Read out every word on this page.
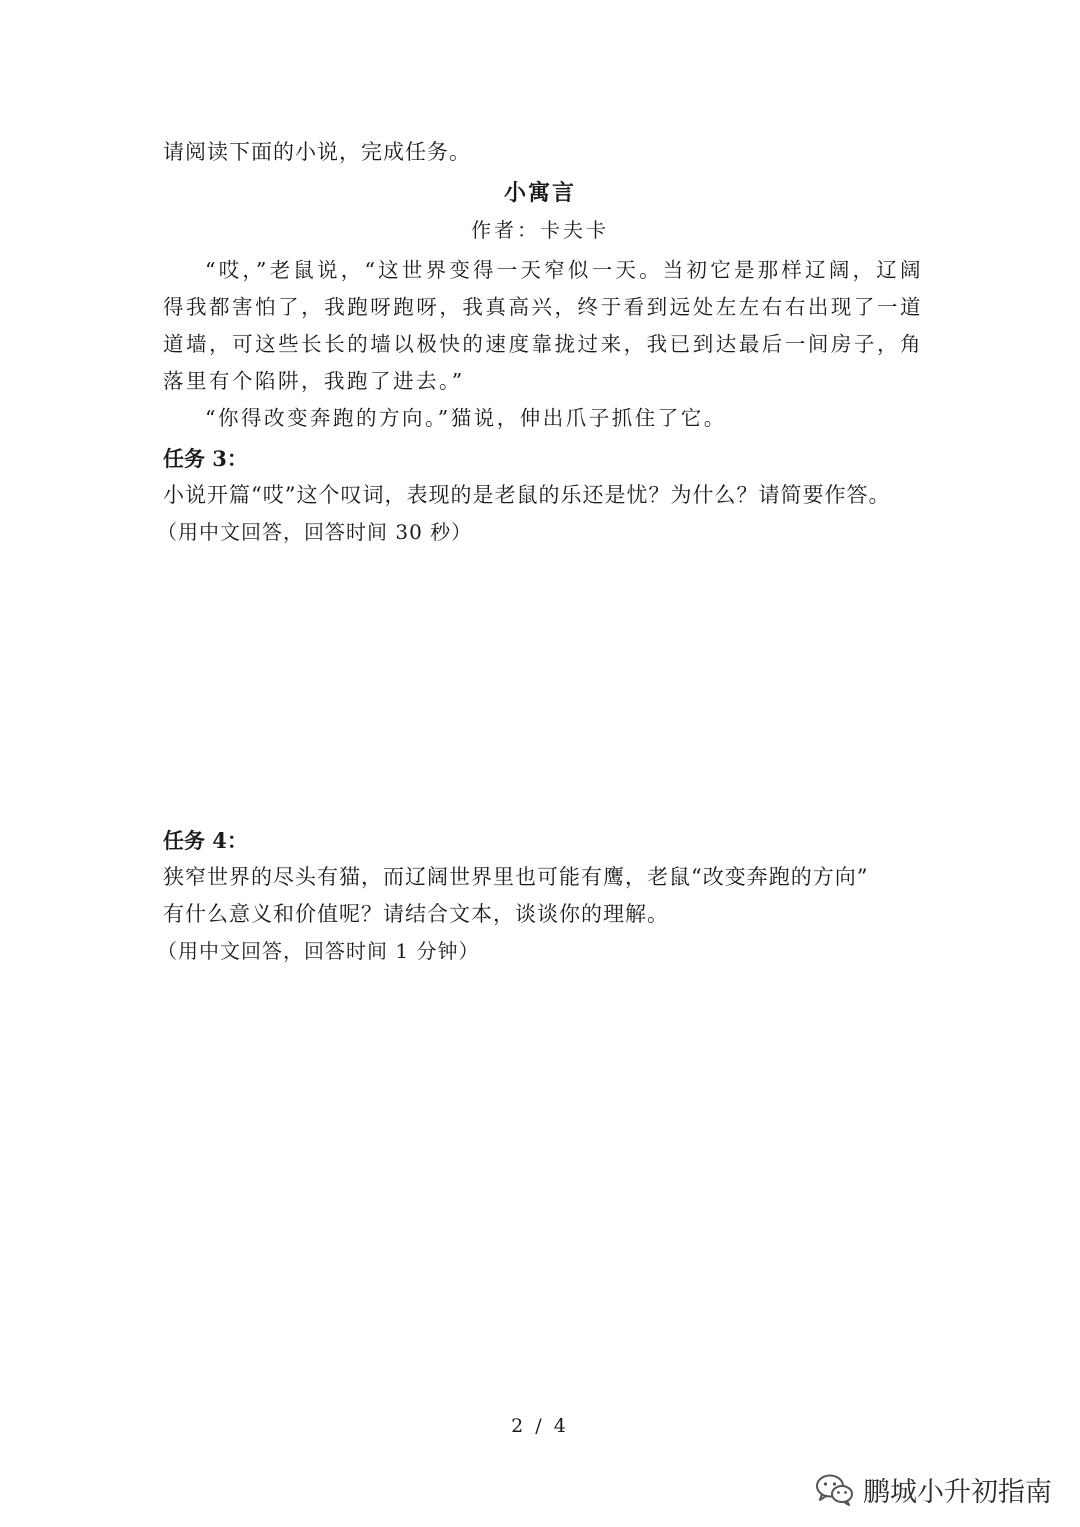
请阅读下面的小说，完成任务。
小寓言
作者：卡夫卡

“哎，”老鼠说，“这世界变得一天窄似一天。当初它是那样辽阔，辽阔得我都害怕了，我跑呀跑呀，我真高兴，终于看到远处左左右右出现了一道道墙，可这些长长的墙以极快的速度靠拢过来，我已到达最后一间房子，角落里有个陷阱，我跑了进去。”

“你得改变奔跑的方向。”猫说，伸出爪子抓住了它。

任务 3：

小说开篇“哎”这个叹词，表现的是老鼠的乐还是忧？为什么？请简要作答。

（用中文回答，回答时间 30 秒）

任务 4：

狭窄世界的尽头有猫，而辽阔世界里也可能有鹰，老鼠“改变奔跑的方向”

有什么意义和价值呢？请结合文本，谈谈你的理解。

（用中文回答，回答时间 1 分钟）

2 / 4
鹏城小升初指南
